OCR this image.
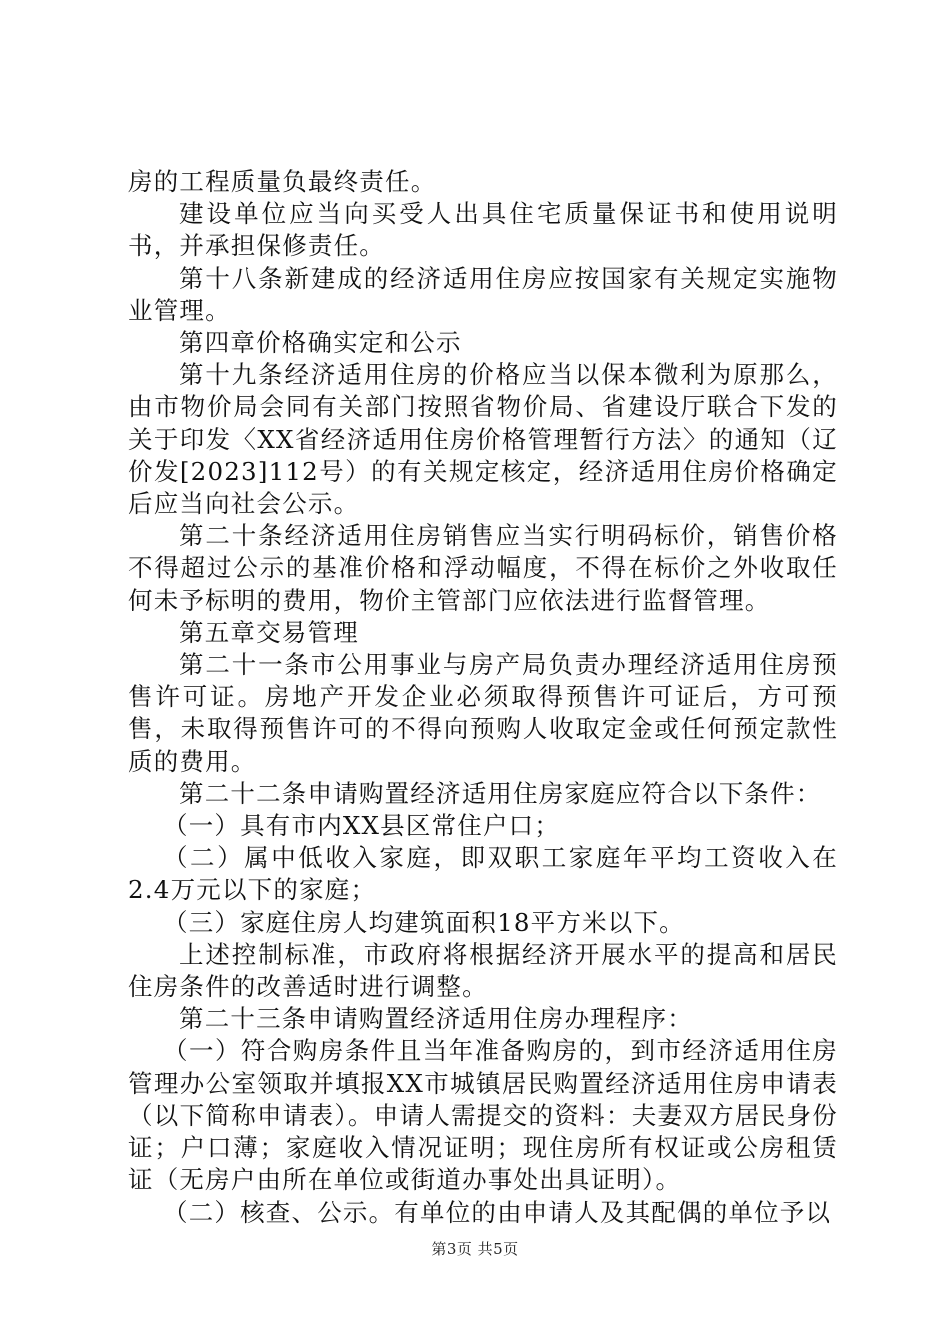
房的工程质量负最终责任。

建设单位应当向买受人出具住宅质量保证书和使用说明书，并承担保修责任。

第十八条新建成的经济适用住房应按国家有关规定实施物业管理。

第四章价格确实定和公示

第十九条经济适用住房的价格应当以保本微利为原那么，由市物价局会同有关部门按照省物价局、省建设厅联合下发的关于印发〈XX省经济适用住房价格管理暂行方法〉的通知（辽价发[2023]112号）的有关规定核定，经济适用住房价格确定后应当向社会公示。

第二十条经济适用住房销售应当实行明码标价，销售价格不得超过公示的基准价格和浮动幅度，不得在标价之外收取任何未予标明的费用，物价主管部门应依法进行监督管理。

第五章交易管理

第二十一条市公用事业与房产局负责办理经济适用住房预售许可证。房地产开发企业必须取得预售许可证后，方可预售，未取得预售许可的不得向预购人收取定金或任何预定款性质的费用。

第二十二条申请购置经济适用住房家庭应符合以下条件：

（一）具有市内XX县区常住户口；

（二）属中低收入家庭，即双职工家庭年平均工资收入在2.4万元以下的家庭；

（三）家庭住房人均建筑面积18平方米以下。

上述控制标准，市政府将根据经济开展水平的提高和居民住房条件的改善适时进行调整。

第二十三条申请购置经济适用住房办理程序：

（一）符合购房条件且当年准备购房的，到市经济适用住房管理办公室领取并填报XX市城镇居民购置经济适用住房申请表（以下简称申请表）。申请人需提交的资料：夫妻双方居民身份证；户口薄；家庭收入情况证明；现住房所有权证或公房租赁证（无房户由所在单位或街道办事处出具证明）。

（二）核查、公示。有单位的由申请人及其配偶的单位予以

第3页 共5页
